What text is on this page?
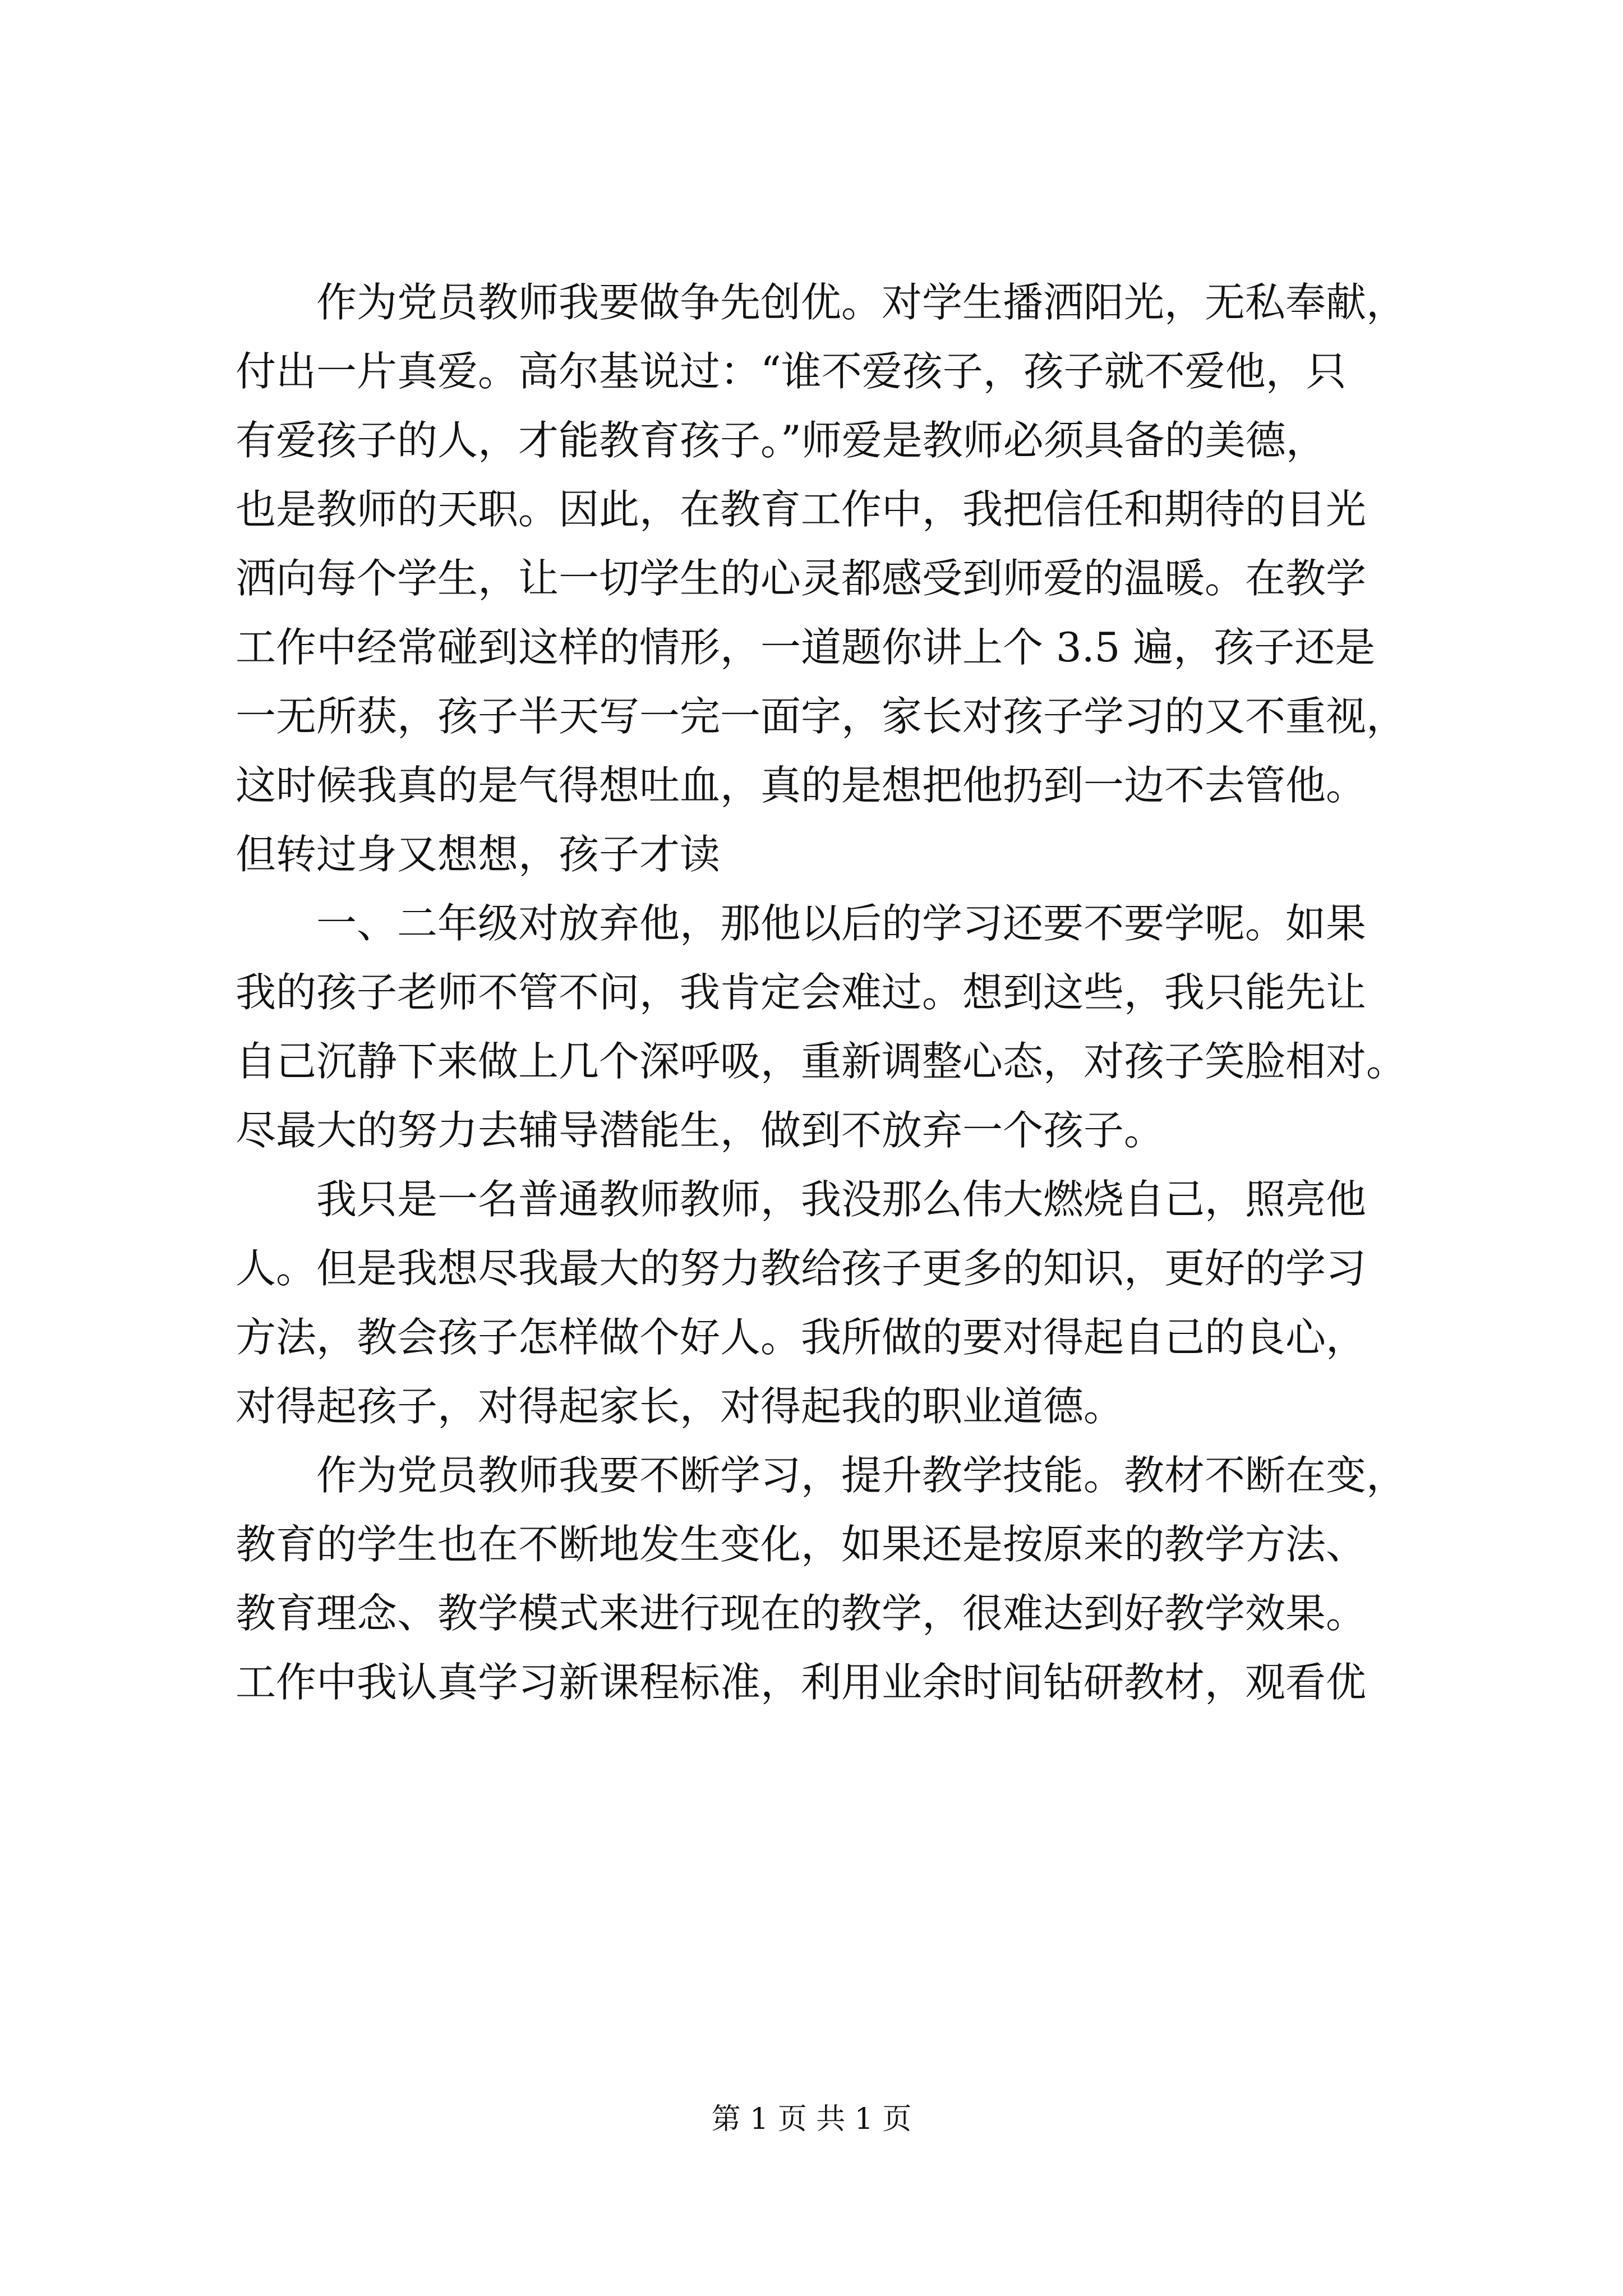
作为党员教师我要做争先创优。对学生播洒阳光，无私奉献，
付出一片真爱。高尔基说过：“谁不爱孩子，孩子就不爱他，只
有爱孩子的人，才能教育孩子。”师爱是教师必须具备的美德，
也是教师的天职。因此，在教育工作中，我把信任和期待的目光
洒向每个学生，让一切学生的心灵都感受到师爱的温暖。在教学
工作中经常碰到这样的情形，一道题你讲上个 3.5 遍，孩子还是
一无所获，孩子半天写一完一面字，家长对孩子学习的又不重视，
这时候我真的是气得想吐血，真的是想把他扔到一边不去管他。
但转过身又想想，孩子才读
一、二年级对放弃他，那他以后的学习还要不要学呢。如果
我的孩子老师不管不问，我肯定会难过。想到这些，我只能先让
自己沉静下来做上几个深呼吸，重新调整心态，对孩子笑脸相对。
尽最大的努力去辅导潜能生，做到不放弃一个孩子。
我只是一名普通教师教师，我没那么伟大燃烧自己，照亮他
人。但是我想尽我最大的努力教给孩子更多的知识，更好的学习
方法，教会孩子怎样做个好人。我所做的要对得起自己的良心，
对得起孩子，对得起家长，对得起我的职业道德。
作为党员教师我要不断学习，提升教学技能。教材不断在变，
教育的学生也在不断地发生变化，如果还是按原来的教学方法、
教育理念、教学模式来进行现在的教学，很难达到好教学效果。
工作中我认真学习新课程标准，利用业余时间钻研教材，观看优
第 1 页 共 1 页
